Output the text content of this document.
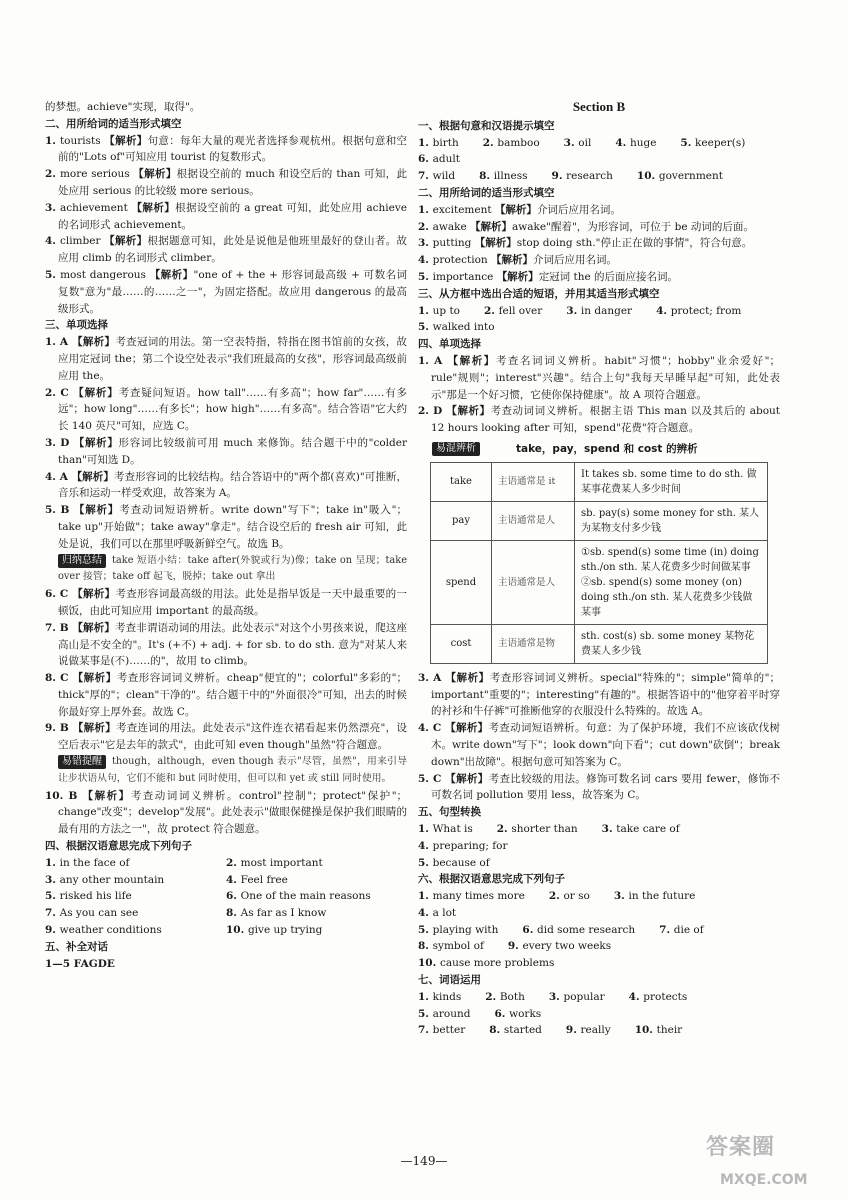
的梦想。achieve"实现，取得"。

二、用所给词的适当形式填空

1. tourists 【解析】句意：每年大量的观光者选择参观杭州。根据句意和空前的"Lots of"可知应用 tourist 的复数形式。

2. more serious 【解析】根据设空前的 much 和设空后的 than 可知，此处应用 serious 的比较级 more serious。

3. achievement 【解析】根据设空前的 a great 可知，此处应用 achieve 的名词形式 achievement。

4. climber 【解析】根据题意可知，此处是说他是他班里最好的登山者。故应用 climb 的名词形式 climber。

5. most dangerous 【解析】"one of + the + 形容词最高级 + 可数名词复数"意为"最……的……之一"，为固定搭配。故应用 dangerous 的最高级形式。

三、单项选择

1. A 【解析】考查冠词的用法。第一空表特指，特指在图书馆前的女孩，故应用定冠词 the；第二个设空处表示"我们班最高的女孩"，形容词最高级前应用 the。

2. C 【解析】考查疑问短语。how tall"……有多高"；how far"……有多远"；how long"……有多长"；how high"……有多高"。结合答语"它大约长 140 英尺"可知，应选 C。

3. D 【解析】形容词比较级前可用 much 来修饰。结合题干中的"colder than"可知选 D。

4. A 【解析】考查形容词的比较结构。结合答语中的"两个都(喜欢)"可推断，音乐和运动一样受欢迎，故答案为 A。

5. B 【解析】考查动词短语辨析。write down"写下"；take in"吸入"；take up"开始做"；take away"拿走"。结合设空后的 fresh air 可知，此处是说，我们可以在那里呼吸新鲜空气。故选 B。

归纳总结 take 短语小结：take after(外貌或行为)像；take on 呈现；take over 接管；take off 起飞，脱掉；take out 拿出

6. C 【解析】考查形容词最高级的用法。此处是指早饭是一天中最重要的一顿饭，由此可知应用 important 的最高级。

7. B 【解析】考查非谓语动词的用法。此处表示"对这个小男孩来说，爬这座高山是不安全的"。It's (+不) + adj. + for sb. to do sth. 意为"对某人来说做某事是(不)……的"，故用 to climb。

8. C 【解析】考查形容词词义辨析。cheap"便宜的"；colorful"多彩的"；thick"厚的"；clean"干净的"。结合题干中的"外面很冷"可知，出去的时候你最好穿上厚外套。故选 C。

9. B 【解析】考查连词的用法。此处表示"这件连衣裙看起来仍然漂亮"，设空后表示"它是去年的款式"，由此可知 even though"虽然"符合题意。

易错提醒 though，although，even though 表示"尽管，虽然"，用来引导让步状语从句，它们不能和 but 同时使用，但可以和 yet 或 still 同时使用。

10. B 【解析】考查动词词义辨析。control"控制"；protect"保护"；change"改变"；develop"发展"。此处表示"做眼保健操是保护我们眼睛的最有用的方法之一"，故 protect 符合题意。

四、根据汉语意思完成下列句子
1. in the face of	2. most important
3. any other mountain	4. Feel free
5. risked his life	6. One of the main reasons
7. As you can see	8. As far as I know
9. weather conditions	10. give up trying
五、补全对话
1—5 FAGDE
Section B
一、根据句意和汉语提示填空
1. birth	2. bamboo	3. oil	4. huge	5. keeper(s)
6. adult
7. wild	8. illness	9. research	10. government
二、用所给词的适当形式填空

1. excitement 【解析】介词后应用名词。

2. awake 【解析】awake"醒着"，为形容词，可位于 be 动词的后面。

3. putting 【解析】stop doing sth."停止正在做的事情"，符合句意。

4. protection 【解析】介词后应用名词。

5. importance 【解析】定冠词 the 的后面应接名词。

三、从方框中选出合适的短语，并用其适当形式填空
1. up to	2. fell over	3. in danger	4. protect; from
5. walked into
四、单项选择

1. A 【解析】考查名词词义辨析。habit"习惯"；hobby"业余爱好"；rule"规则"；interest"兴趣"。结合上句"我每天早睡早起"可知，此处表示"那是一个好习惯，它使你保持健康"。故 A 项符合题意。

2. D 【解析】考查动词词义辨析。根据主语 This man 以及其后的 about 12 hours looking after 可知，spend"花费"符合题意。

易混辨析	take，pay，spend 和 cost 的辨析
take	主语通常是 it	It takes sb. some time to do sth. 做某事花费某人多少时间
pay	主语通常是人	sb. pay(s) some money for sth. 某人为某物支付多少钱
spend	主语通常是人	①sb. spend(s) some time (in) doing sth./on sth. 某人花费多少时间做某事 ②sb. spend(s) some money (on) doing sth./on sth. 某人花费多少钱做某事
cost	主语通常是物	sth. cost(s) sb. some money 某物花费某人多少钱

3. A 【解析】考查形容词词义辨析。special"特殊的"；simple"简单的"；important"重要的"；interesting"有趣的"。根据答语中的"他穿着平时穿的衬衫和牛仔裤"可推断他穿的衣服没什么特殊的。故选 A。

4. C 【解析】考查动词短语辨析。句意：为了保护环境，我们不应该砍伐树木。write down"写下"；look down"向下看"；cut down"砍倒"；break down"出故障"。根据句意可知答案为 C。

5. C 【解析】考查比较级的用法。修饰可数名词 cars 要用 fewer，修饰不可数名词 pollution 要用 less，故答案为 C。

五、句型转换
1. What is	2. shorter than	3. take care of
4. preparing; for
5. because of
六、根据汉语意思完成下列句子
1. many times more	2. or so	3. in the future
4. a lot
5. playing with	6. did some research	7. die of
8. symbol of	9. every two weeks
10. cause more problems
七、词语运用
1. kinds	2. Both	3. popular	4. protects
5. around	6. works
7. better	8. started	9. really	10. their
—149—
答案圈
MXQE.COM
